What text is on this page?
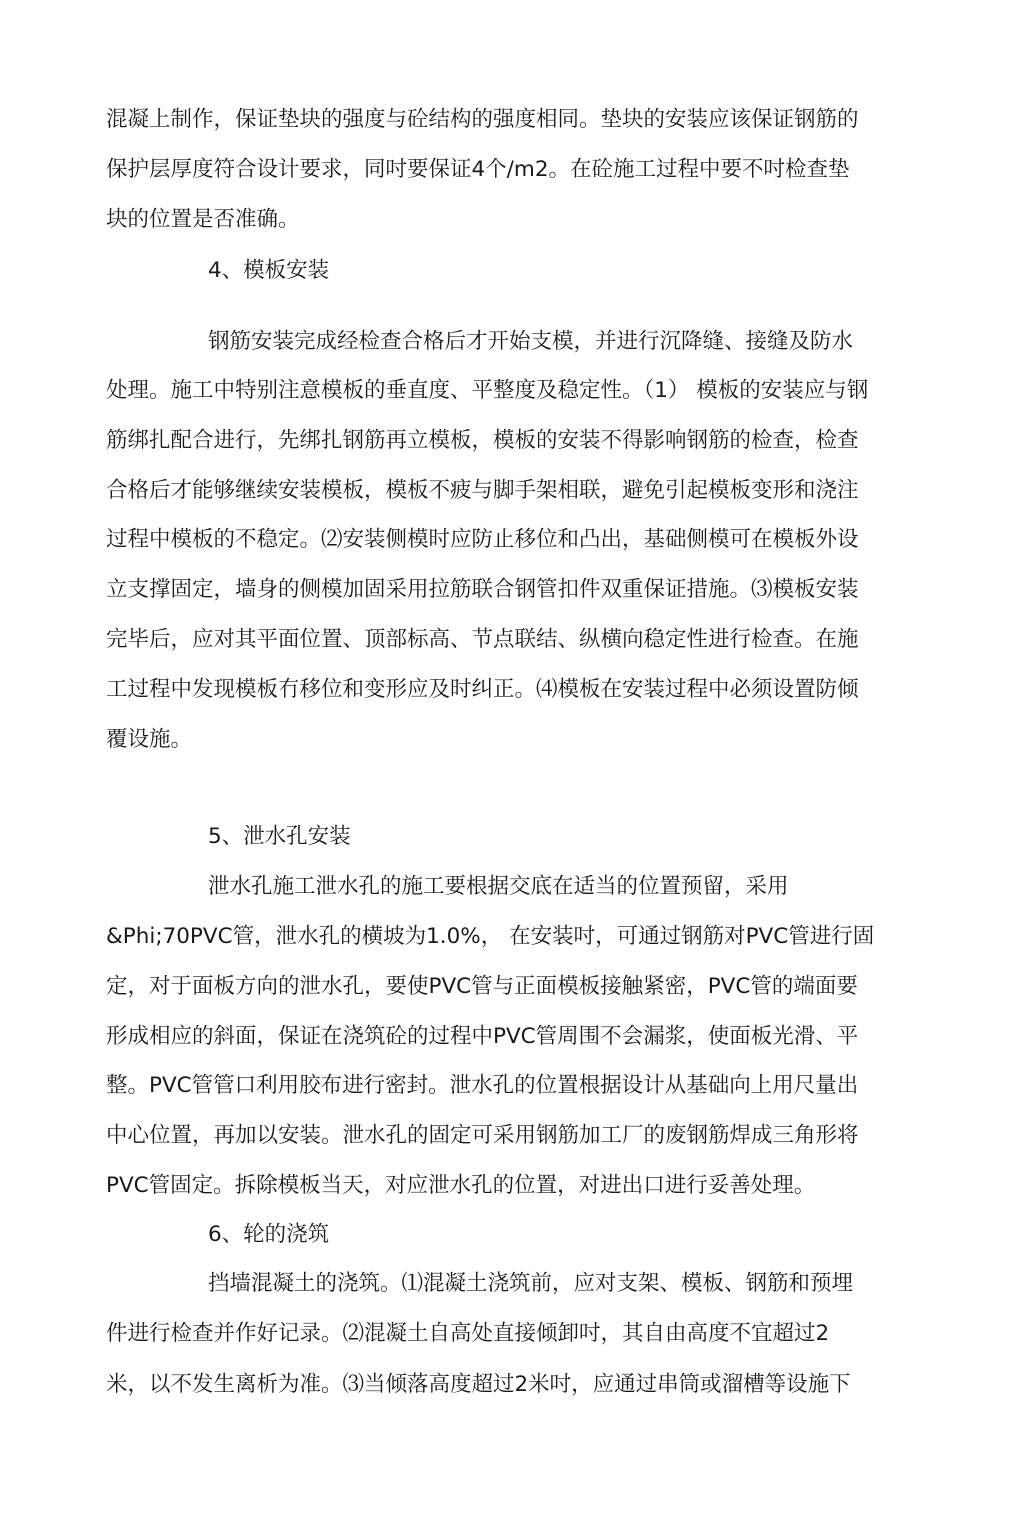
混凝上制作，保证垫块的强度与砼结构的强度相同。垫块的安装应该保证钢筋的
保护层厚度符合设计要求，同吋要保证4个/m2。在砼施工过程中要不吋检查垫
块的位置是否准确。
4、模板安装
钢筋安装完成经检查合格后才开始支模，并进行沉降缝、接缝及防水
处理。施工中特别注意模板的垂直度、平整度及稳定性。（1） 模板的安装应与钢
筋绑扎配合进行，先绑扎钢筋再立模板，模板的安装不得影响钢筋的检查，检查
合格后才能够继续安装模板，模板不疲与脚手架相联，避免引起模板变形和浇注
过程中模板的不稳定。⑵安装侧模时应防止移位和凸出，基础侧模可在模板外设
立支撑固定，墙身的侧模加固采用拉筋联合钢管扣件双重保证措施。⑶模板安装
完毕后，应对其平面位置、顶部标高、节点联结、纵横向稳定性进行检查。在施
工过程中发现模板冇移位和变形应及时纠正。⑷模板在安装过程中必须设置防倾
覆设施。
5、泄水孔安装
泄水孔施工泄水孔的施工要根据交底在适当的位置预留，采用
&Phi;70PVC管，泄水孔的横坡为1.0%， 在安装吋，可通过钢筋对PVC管进行固
定，对于面板方向的泄水孔，要使PVC管与正面模板接触紧密，PVC管的端面要
形成相应的斜面，保证在浇筑砼的过程中PVC管周围不会漏浆，使面板光滑、平
整。PVC管管口利用胶布进行密封。泄水孔的位置根据设计从基础向上用尺量出
中心位置，再加以安装。泄水孔的固定可采用钢筋加工厂的废钢筋焊成三角形将
PVC管固定。拆除模板当天，对应泄水孔的位置，对进出口进行妥善处理。
6、轮的浇筑
挡墙混凝土的浇筑。⑴混凝土浇筑前，应对支架、模板、钢筋和预埋
件进行检查并作好记录。⑵混凝土自高处直接倾卸吋，其自由高度不宜超过2
米，以不发生离析为准。⑶当倾落高度超过2米吋，应通过串筒或溜槽等设施下
